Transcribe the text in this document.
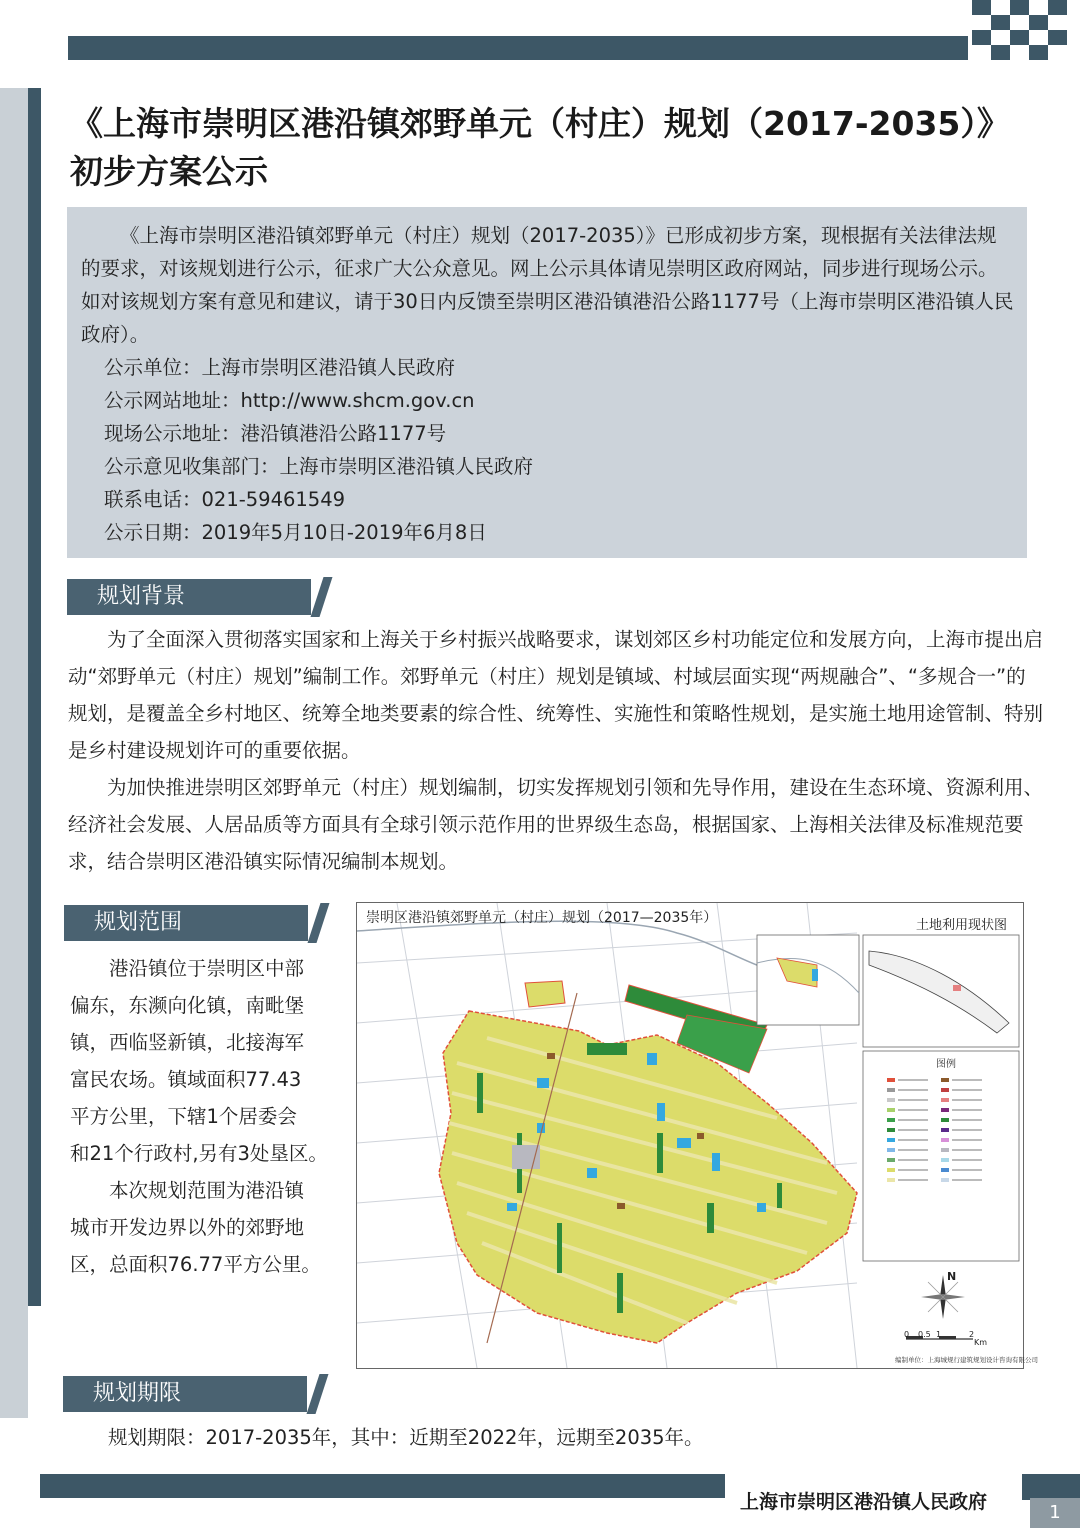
《上海市崇明区港沿镇郊野单元（村庄）规划（2017-2035）》
初步方案公示
《上海市崇明区港沿镇郊野单元（村庄）规划（2017-2035）》已形成初步方案，现根据有关法律法规的要求，对该规划进行公示，征求广大公众意见。网上公示具体请见崇明区政府网站，同步进行现场公示。如对该规划方案有意见和建议，请于30日内反馈至崇明区港沿镇港沿公路1177号（上海市崇明区港沿镇人民政府）。
公示单位：上海市崇明区港沿镇人民政府
公示网站地址：http://www.shcm.gov.cn
现场公示地址：港沿镇港沿公路1177号
公示意见收集部门：上海市崇明区港沿镇人民政府
联系电话：021-59461549
公示日期：2019年5月10日-2019年6月8日
规划背景
为了全面深入贯彻落实国家和上海关于乡村振兴战略要求，谋划郊区乡村功能定位和发展方向，上海市提出启动“郊野单元（村庄）规划”编制工作。郊野单元（村庄）规划是镇域、村域层面实现“两规融合”、“多规合一”的规划，是覆盖全乡村地区、统筹全地类要素的综合性、统筹性、实施性和策略性规划，是实施土地用途管制、特别是乡村建设规划许可的重要依据。
为加快推进崇明区郊野单元（村庄）规划编制，切实发挥规划引领和先导作用，建设在生态环境、资源利用、经济社会发展、人居品质等方面具有全球引领示范作用的世界级生态岛，根据国家、上海相关法律及标准规范要求，结合崇明区港沿镇实际情况编制本规划。
规划范围
港沿镇位于崇明区中部
偏东，东濒向化镇，南毗堡
镇，西临竖新镇，北接海军
富民农场。镇域面积77.43
平方公里，下辖1个居委会
和21个行政村,另有3处垦区。
本次规划范围为港沿镇
城市开发边界以外的郊野地
区，总面积76.77平方公里。
崇明区港沿镇郊野单元（村庄）规划（2017—2035年）	土地利用现状图
图例
N
0 0.5 1	2
Km
编制单位：上海城规行建筑规划设计咨询有限公司
规划期限
规划期限：2017-2035年，其中：近期至2022年，远期至2035年。
上海市崇明区港沿镇人民政府	1
